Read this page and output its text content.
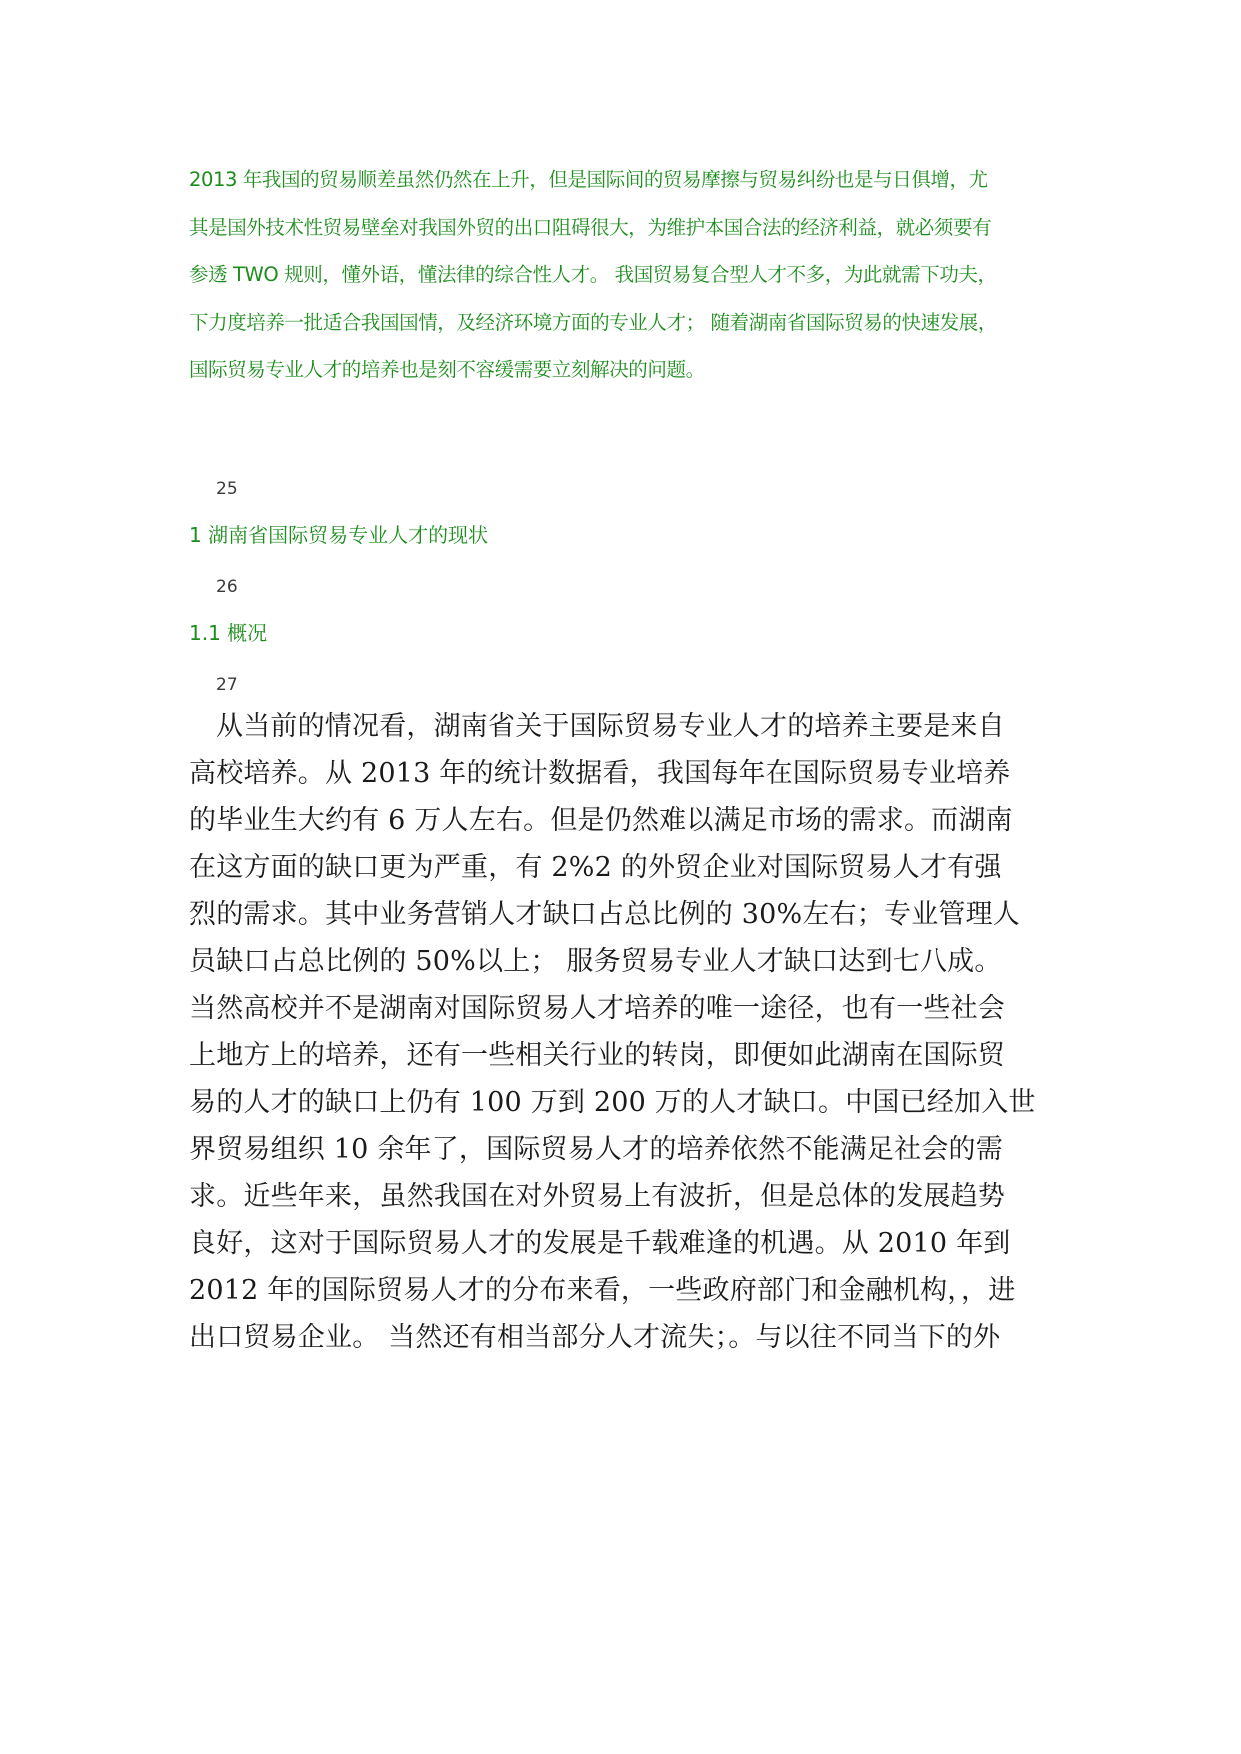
2013 年我国的贸易顺差虽然仍然在上升，但是国际间的贸易摩擦与贸易纠纷也是与日俱增，尤
其是国外技术性贸易壁垒对我国外贸的出口阻碍很大，为维护本国合法的经济利益，就必须要有
参透 TWO 规则，懂外语，懂法律的综合性人才。 我国贸易复合型人才不多，为此就需下功夫，
下力度培养一批适合我国国情，及经济环境方面的专业人才； 随着湖南省国际贸易的快速发展，
国际贸易专业人才的培养也是刻不容缓需要立刻解决的问题。
25
1 湖南省国际贸易专业人才的现状
26
1.1 概况
27
从当前的情况看，湖南省关于国际贸易专业人才的培养主要是来自
高校培养。从 2013 年的统计数据看，我国每年在国际贸易专业培养
的毕业生大约有 6 万人左右。但是仍然难以满足市场的需求。而湖南
在这方面的缺口更为严重，有 2%2 的外贸企业对国际贸易人才有强
烈的需求。其中业务营销人才缺口占总比例的 30%左右；专业管理人
员缺口占总比例的 50%以上； 服务贸易专业人才缺口达到七八成。
当然高校并不是湖南对国际贸易人才培养的唯一途径，也有一些社会
上地方上的培养，还有一些相关行业的转岗，即便如此湖南在国际贸
易的人才的缺口上仍有 100 万到 200 万的人才缺口。中国已经加入世
界贸易组织 10 余年了，国际贸易人才的培养依然不能满足社会的需
求。近些年来，虽然我国在对外贸易上有波折，但是总体的发展趋势
良好，这对于国际贸易人才的发展是千载难逢的机遇。从 2010 年到
2012 年的国际贸易人才的分布来看，一些政府部门和金融机构，，进
出口贸易企业。 当然还有相当部分人才流失；。与以往不同当下的外
